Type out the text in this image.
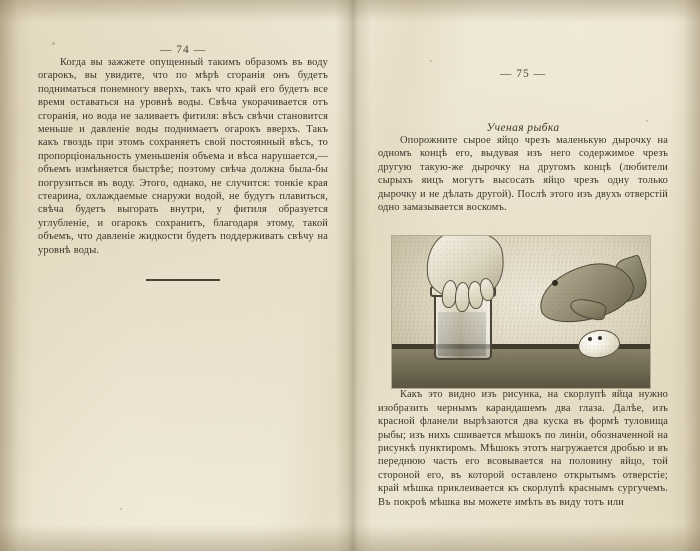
— 74 —

Когда вы зажжете опущенный такимъ образомъ въ воду огарокъ, вы увидите, что по мѣрѣ сгоранія онъ будетъ подниматься понемногу вверхъ, такъ что край его будетъ все время оставаться на уровнѣ воды. Свѣча укорачивается отъ сгоранія, но вода не заливаетъ фитиля: вѣсъ свѣчи становится меньше и давленіе воды поднимаетъ огарокъ вверхъ. Такъ какъ гвоздь при этомъ сохраняетъ свой постоянный вѣсъ, то пропорціональность уменьшенія объема и вѣса нарушается,—объемъ измѣняется быстрѣе; поэтому свѣча должна была-бы погрузиться въ воду. Этого, однако, не случится: тонкіе края стеарина, охлаждаемые снаружи водой, не будутъ плавиться, свѣча будетъ выгорать внутри, у фитиля образуется углубленіе, и огарокъ сохранитъ, благодаря этому, такой объемъ, что давленіе жидкости будетъ поддерживать свѣчу на уровнѣ воды.

— 75 —
Ученая рыбка

Опорожните сырое яйцо чрезъ маленькую дырочку на одномъ концѣ его, выдувая изъ него содержимое чрезъ другую такую-же дырочку на другомъ концѣ (любители сырыхъ яицъ могутъ высосать яйцо чрезъ одну только дырочку и не дѣлать другой). Послѣ этого изъ двухъ отверстій одно замазывается воскомъ.

Какъ это видно изъ рисунка, на скорлупѣ яйца нужно изобразить чернымъ карандашемъ два глаза. Далѣе, изъ красной фланели вырѣзаются два куска въ формѣ туловища рыбы; изъ нихъ сшивается мѣшокъ по линіи, обозначенной на рисункѣ пунктиромъ. Мѣшокъ этотъ нагружается дробью и въ переднюю часть его всовывается на половину яйцо, той стороной его, въ которой оставлено открытымъ отверстіе; край мѣшка приклеивается къ скорлупѣ краснымъ сургучемъ. Въ покроѣ мѣшка вы можете имѣть въ виду тотъ или
